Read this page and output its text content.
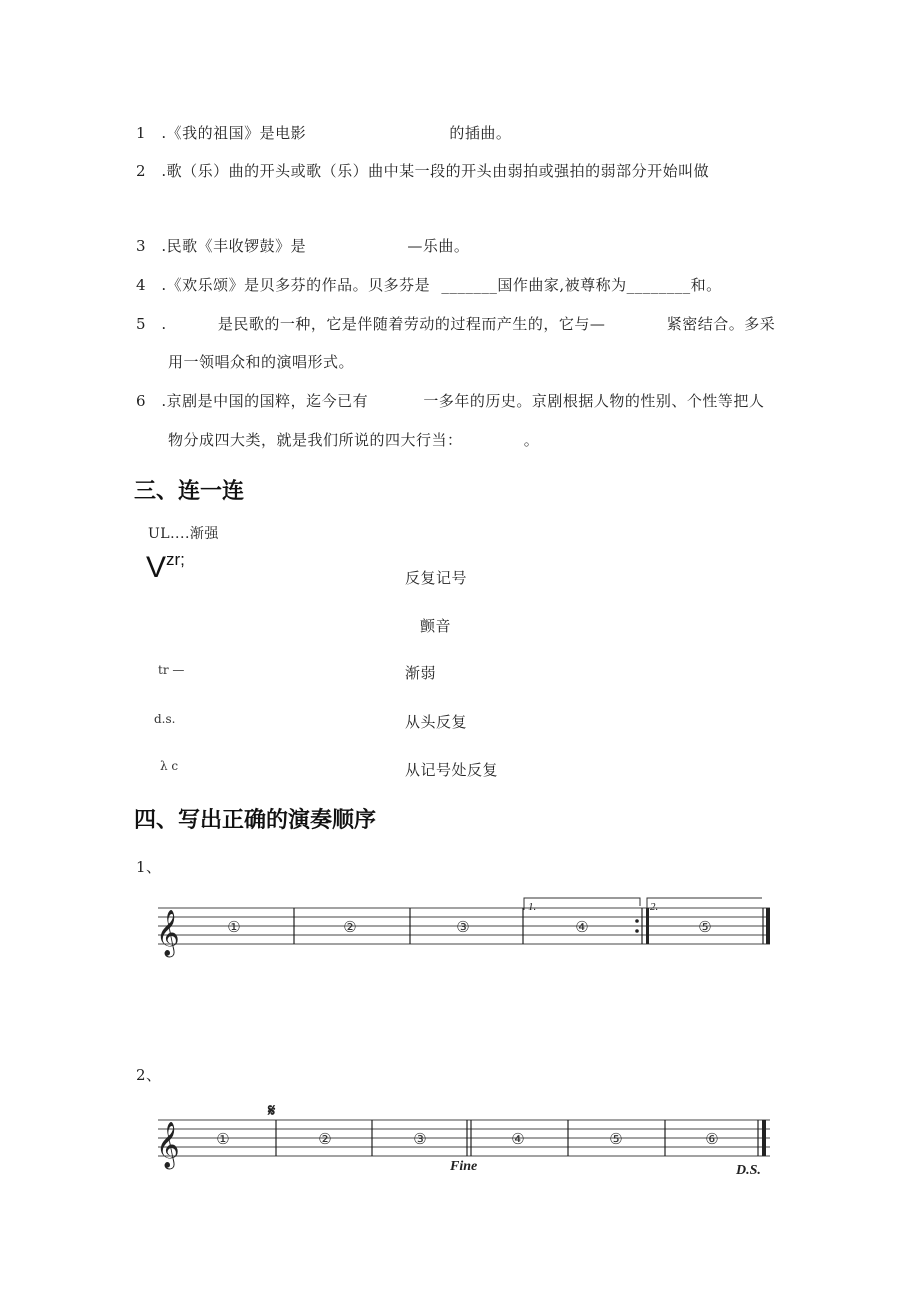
1 .《我的祖国》是电影	的插曲。
2 .歌（乐）曲的开头或歌（乐）曲中某一段的开头由弱拍或强拍的弱部分开始叫做
3 .民歌《丰收锣鼓》是	—乐曲。
4 .《欢乐颂》是贝多芬的作品。贝多芬是 _______国作曲家,被尊称为________和。
5 .	是民歌的一种，它是伴随着劳动的过程而产生的，它与—	紧密结合。多采
用一领唱众和的演唱形式。
6 .京剧是中国的国粹，迄今已有	一多年的历史。京剧根据人物的性别、个性等把人
物分成四大类，就是我们所说的四大行当：	。
三、连一连
UL....渐强
$V^{zr;}$
tr —
d.s.
λ c
反复记号
颤音
渐弱
从头反复
从记号处反复
四、写出正确的演奏顺序
1、
𝄞
1.	2.
①	②	③	④	⑤
2、
𝄞
𝄋
①	②	③	④	⑤	⑥
Fine	D.S.
